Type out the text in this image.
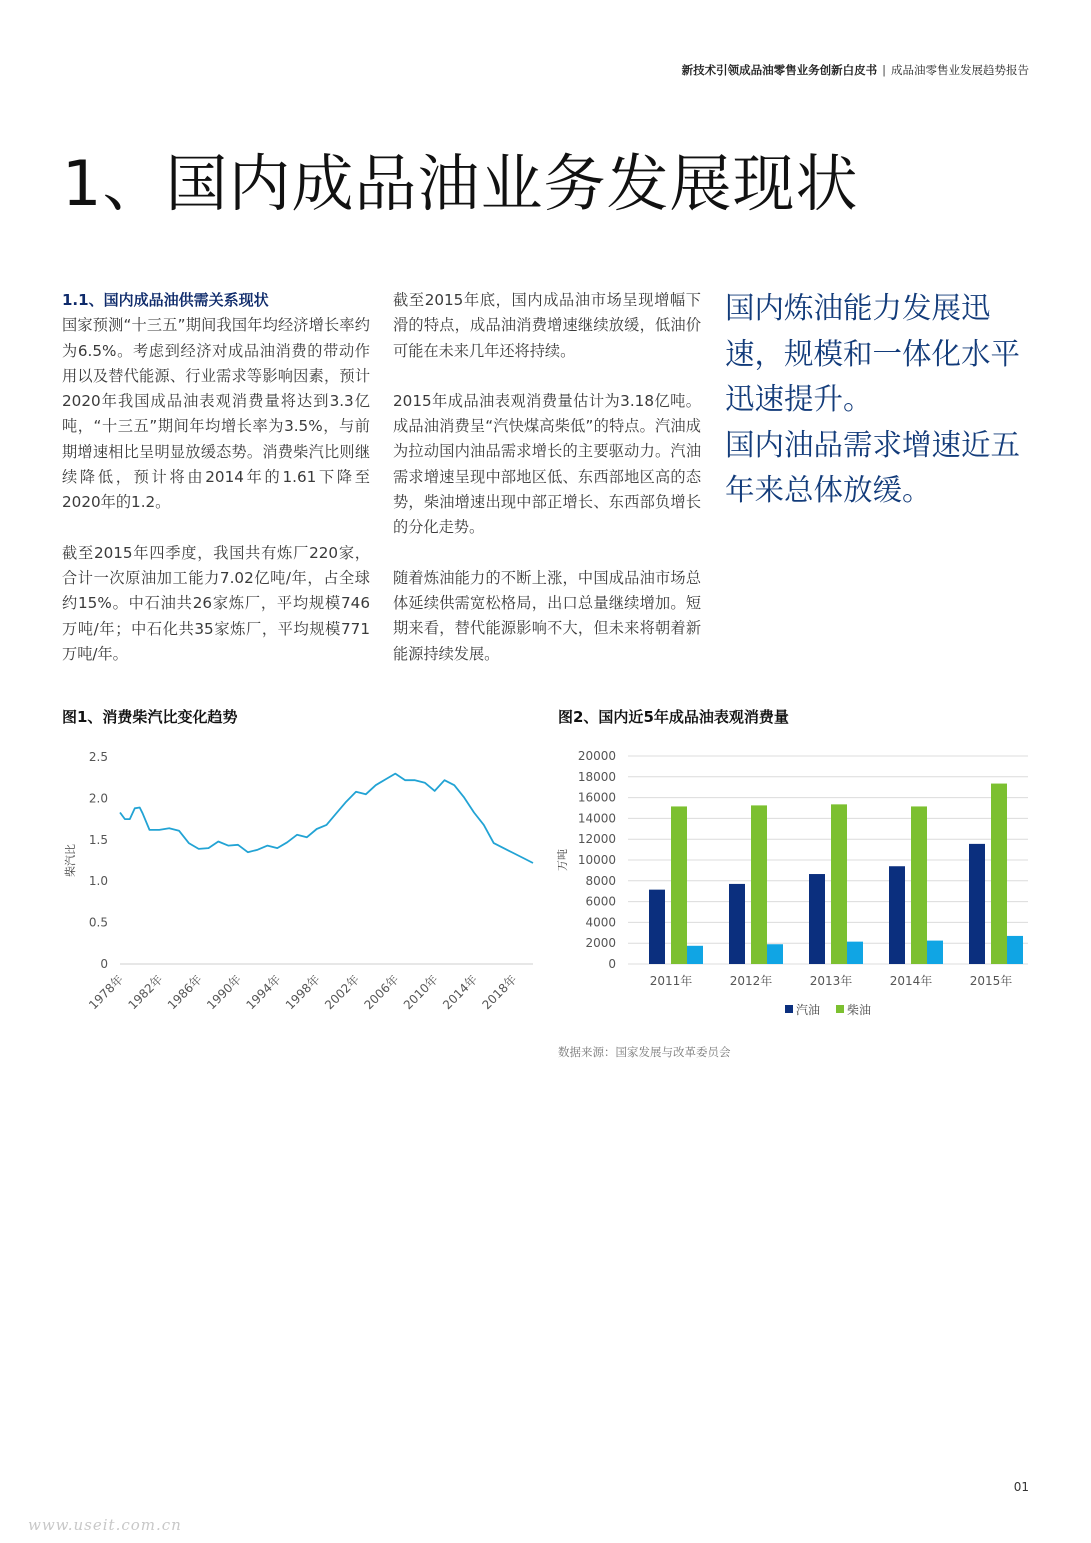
新技术引领成品油零售业务创新白皮书 | 成品油零售业发展趋势报告
1、国内成品油业务发展现状
1.1、国内成品油供需关系现状

国家预测“十三五”期间我国年均经济增长率约为6.5%。考虑到经济对成品油消费的带动作用以及替代能源、行业需求等影响因素，预计2020年我国成品油表观消费量将达到3.3亿吨，“十三五”期间年均增长率为3.5%，与前期增速相比呈明显放缓态势。消费柴汽比则继续降低，预计将由2014年的1.61下降至2020年的1.2。

截至2015年四季度，我国共有炼厂220家，合计一次原油加工能力7.02亿吨/年，占全球约15%。中石油共26家炼厂，平均规模746万吨/年；中石化共35家炼厂，平均规模771万吨/年。

截至2015年底，国内成品油市场呈现增幅下滑的特点，成品油消费增速继续放缓，低油价可能在未来几年还将持续。

2015年成品油表观消费量估计为3.18亿吨。成品油消费呈“汽快煤高柴低”的特点。汽油成为拉动国内油品需求增长的主要驱动力。汽油需求增速呈现中部地区低、东西部地区高的态势，柴油增速出现中部正增长、东西部负增长的分化走势。

随着炼油能力的不断上涨，中国成品油市场总体延续供需宽松格局，出口总量继续增加。短期来看，替代能源影响不大，但未来将朝着新能源持续发展。

国内炼油能力发展迅速，规模和一体化水平迅速提升。
国内油品需求增速近五年来总体放缓。
图1、消费柴汽比变化趋势	图2、国内近5年成品油表观消费量
0
0.5
1.0
1.5
2.0
2.5
柴汽比
1978年 1982年 1986年 1990年 1994年 1998年 2002年 2006年 2010年 2014年 2018年
0
2000
4000
6000
8000
10000
12000
14000
16000
18000
20000
万吨
2011年	2012年	2013年	2014年	2015年
汽油 柴油
数据来源：国家发展与改革委员会
01
www.useit.com.cn
